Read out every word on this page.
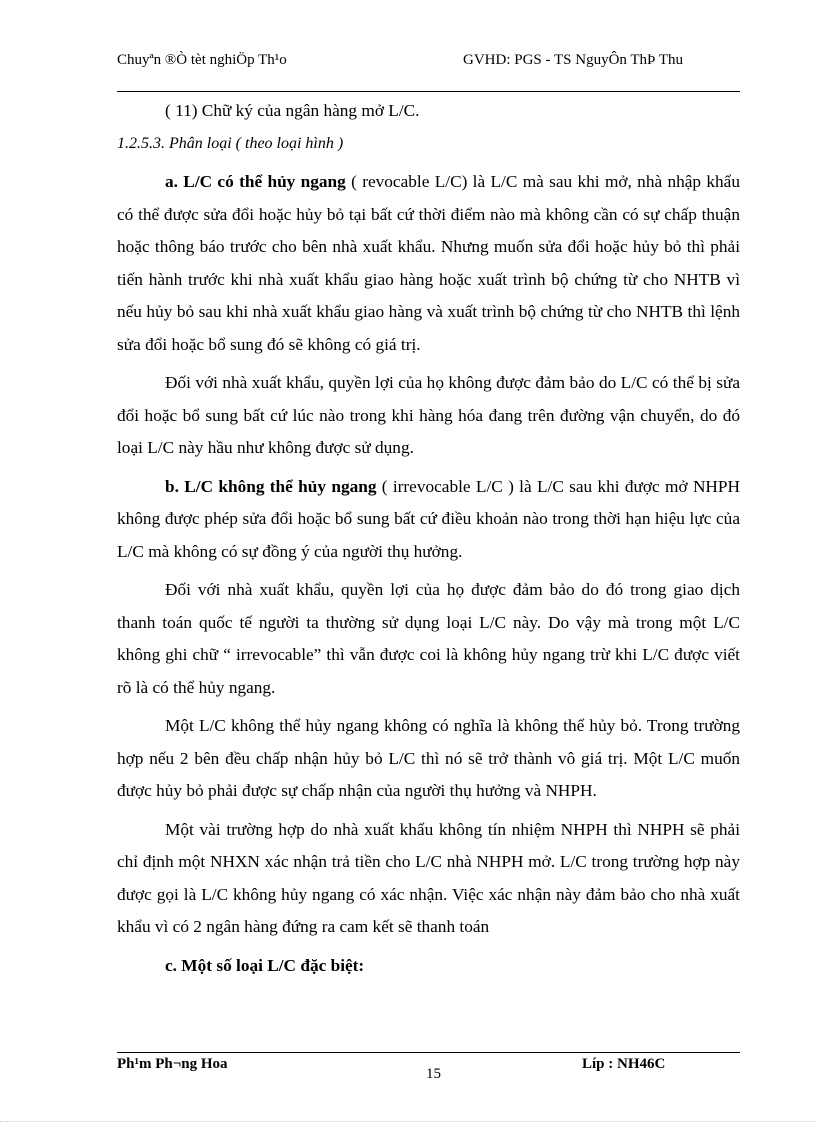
Chuyªn ®Ò tèt nghiÖp Th¹o	GVHD: PGS - TS NguyÔn ThÞ Thu

( 11) Chữ ký của ngân hàng mở L/C.

1.2.5.3. Phân loại ( theo loại hình )

a. L/C có thể hủy ngang ( revocable L/C) là L/C mà sau khi mở, nhà nhập khẩu có thể được sửa đổi hoặc hủy bỏ tại bất cứ thời điểm nào mà không cần có sự chấp thuận hoặc thông báo trước cho bên nhà xuất khẩu. Nhưng muốn sửa đổi hoặc hủy bỏ thì phải tiến hành trước khi nhà xuất khẩu giao hàng hoặc xuất trình bộ chứng từ cho NHTB vì nếu hủy bỏ sau khi nhà xuất khẩu giao hàng và xuất trình bộ chứng từ cho NHTB thì lệnh sửa đổi hoặc bổ sung đó sẽ không có giá trị.

Đối với nhà xuất khẩu, quyền lợi của họ không được đảm bảo do L/C có thể bị sửa đổi hoặc bổ sung bất cứ lúc nào trong khi hàng hóa đang trên đường vận chuyển, do đó loại L/C này hầu như không được sử dụng.

b. L/C không thể hủy ngang ( irrevocable L/C ) là L/C sau khi được mở NHPH không được phép sửa đổi hoặc bổ sung bất cứ điều khoản nào trong thời hạn hiệu lực của L/C mà không có sự đồng ý của người thụ hưởng.

Đối với nhà xuất khẩu, quyền lợi của họ được đảm bảo do đó trong giao dịch thanh toán quốc tế người ta thường sử dụng loại L/C này. Do vậy mà trong một L/C không ghi chữ “ irrevocable” thì vẫn được coi là không hủy ngang trừ khi L/C được viết rõ là có thể hủy ngang.

Một L/C không thể hủy ngang không có nghĩa là không thể hủy bỏ. Trong trường hợp nếu 2 bên đều chấp nhận hủy bỏ L/C thì nó sẽ trở thành vô giá trị. Một L/C muốn được hủy bỏ phải được sự chấp nhận của người thụ hưởng và NHPH.

Một vài trường hợp do nhà xuất khẩu không tín nhiệm NHPH thì NHPH sẽ phải chỉ định một NHXN xác nhận trả tiền cho L/C nhà NHPH mở. L/C trong trường hợp này được gọi là L/C không hủy ngang có xác nhận. Việc xác nhận này đảm bảo cho nhà xuất khẩu vì có 2 ngân hàng đứng ra cam kết sẽ thanh toán

c. Một số loại L/C đặc biệt:

Ph¹m Ph¬ng Hoa	Líp : NH46C
15
